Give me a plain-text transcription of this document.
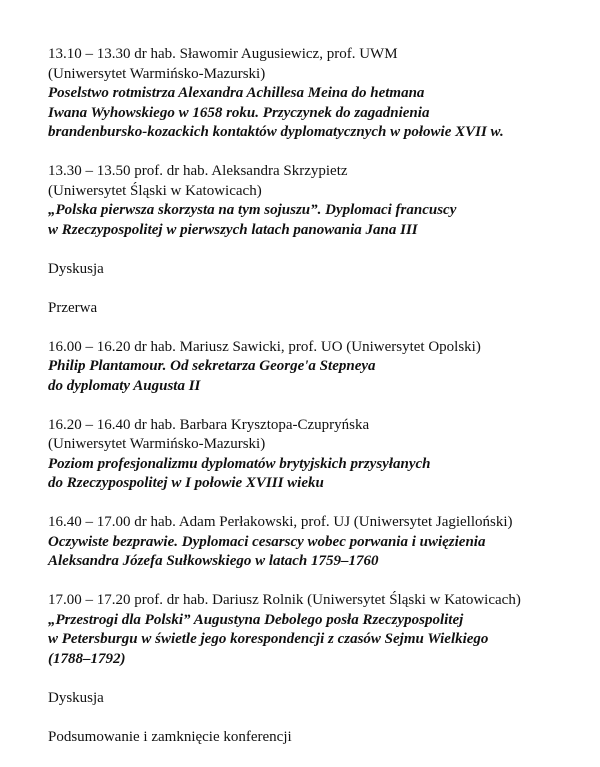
13.10 – 13.30 dr hab. Sławomir Augusiewicz, prof. UWM
(Uniwersytet Warmińsko-Mazurski)
Poselstwo rotmistrza Alexandra Achillesa Meina do hetmana
Iwana Wyhowskiego w 1658 roku. Przyczynek do zagadnienia
brandenbursko-kozackich kontaktów dyplomatycznych w połowie XVII w.
13.30 – 13.50 prof. dr hab. Aleksandra Skrzypietz
(Uniwersytet Śląski w Katowicach)
„Polska pierwsza skorzysta na tym sojuszu”. Dyplomaci francuscy
w Rzeczypospolitej w pierwszych latach panowania Jana III
Dyskusja
Przerwa
16.00 – 16.20 dr hab. Mariusz Sawicki, prof. UO (Uniwersytet Opolski)
Philip Plantamour. Od sekretarza George'a Stepneya
do dyplomaty Augusta II
16.20 – 16.40 dr hab. Barbara Krysztopa-Czupryńska
(Uniwersytet Warmińsko-Mazurski)
Poziom profesjonalizmu dyplomatów brytyjskich przysyłanych
do Rzeczypospolitej w I połowie XVIII wieku
16.40 – 17.00 dr hab. Adam Perłakowski, prof. UJ (Uniwersytet Jagielloński)
Oczywiste bezprawie. Dyplomaci cesarscy wobec porwania i uwięzienia
Aleksandra Józefa Sułkowskiego w latach 1759–1760
17.00 – 17.20 prof. dr hab. Dariusz Rolnik (Uniwersytet Śląski w Katowicach)
„Przestrogi dla Polski” Augustyna Debolego posła Rzeczypospolitej
w Petersburgu w świetle jego korespondencji z czasów Sejmu Wielkiego
(1788–1792)
Dyskusja
Podsumowanie i zamknięcie konferencji
